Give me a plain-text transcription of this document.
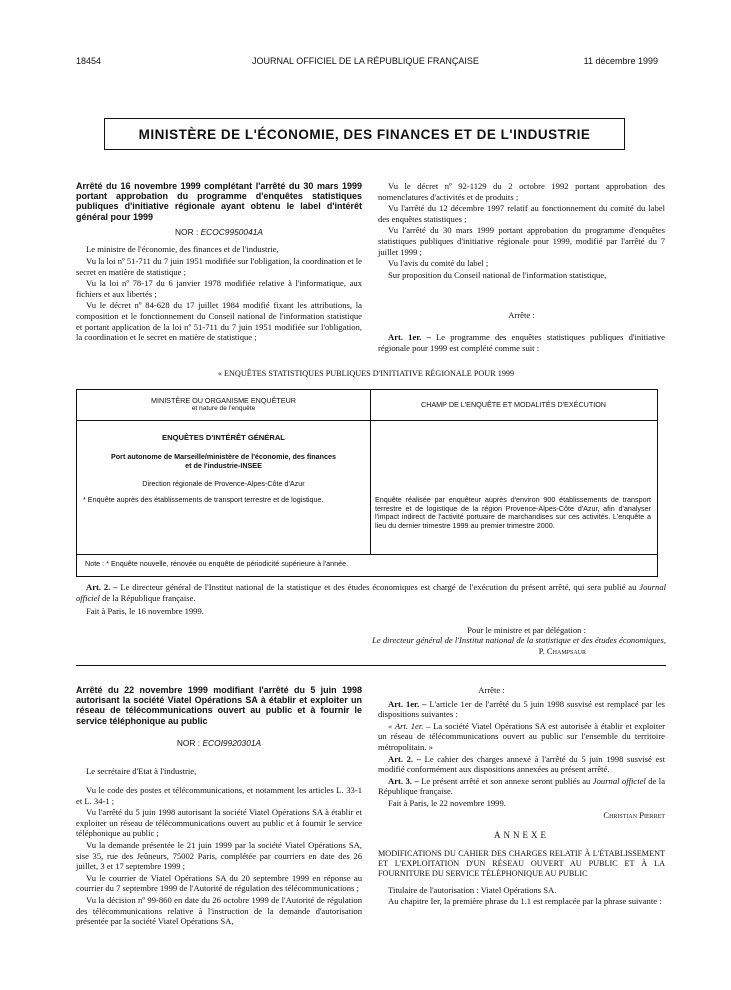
18454	JOURNAL OFFICIEL DE LA RÉPUBLIQUE FRANÇAISE	11 décembre 1999
MINISTÈRE DE L'ÉCONOMIE, DES FINANCES ET DE L'INDUSTRIE
Arrêté du 16 novembre 1999 complétant l'arrêté du 30 mars 1999 portant approbation du programme d'enquêtes statistiques publiques d'initiative régionale ayant obtenu le label d'intérêt général pour 1999
NOR : ECOC9950041A

Le ministre de l'économie, des finances et de l'industrie,

Vu la loi nº 51-711 du 7 juin 1951 modifiée sur l'obligation, la coordination et le secret en matière de statistique ;

Vu la loi nº 78-17 du 6 janvier 1978 modifiée relative à l'informatique, aux fichiers et aux libertés ;

Vu le décret nº 84-628 du 17 juillet 1984 modifié fixant les attributions, la composition et le fonctionnement du Conseil national de l'information statistique et portant application de la loi nº 51-711 du 7 juin 1951 modifiée sur l'obligation, la coordination et le secret en matière de statistique ;

Vu le décret nº 92-1129 du 2 octobre 1992 portant approbation des nomenclatures d'activités et de produits ;

Vu l'arrêté du 12 décembre 1997 relatif au fonctionnement du comité du label des enquêtes statistiques ;

Vu l'arrêté du 30 mars 1999 portant approbation du programme d'enquêtes statistiques publiques d'initiative régionale pour 1999, modifié par l'arrêté du 7 juillet 1999 ;

Vu l'avis du comité du label ;

Sur proposition du Conseil national de l'information statistique,

Arrête :

Art. 1er. – Le programme des enquêtes statistiques publiques d'initiative régionale pour 1999 est complété comme suit :

« ENQUÊTES STATISTIQUES PUBLIQUES D'INITIATIVE RÉGIONALE POUR 1999
MINISTÈRE OU ORGANISME ENQUÊTEUR
et nature de l'enquête	CHAMP DE L'ENQUÊTE ET MODALITÉS D'EXÉCUTION
ENQUÊTES D'INTÉRÊT GÉNÉRAL
Port autonome de Marseille/ministère de l'économie, des finances et de l'industrie-INSEE
Direction régionale de Provence-Alpes-Côte d'Azur
* Enquête auprès des établissements de transport terrestre et de logistique.	Enquête réalisée par enquêteur auprès d'environ 900 établissements de transport terrestre et de logistique de la région Provence-Alpes-Côte d'Azur, afin d'analyser l'impact indirect de l'activité portuaire de marchandises sur ces activités. L'enquête a lieu du dernier trimestre 1999 au premier trimestre 2000.
Note : * Enquête nouvelle, rénovée ou enquête de périodicité supérieure à l'année.

Art. 2. – Le directeur général de l'Institut national de la statistique et des études économiques est chargé de l'exécution du présent arrêté, qui sera publié au Journal officiel de la République française.

Fait à Paris, le 16 novembre 1999.

Pour le ministre et par délégation :
Le directeur général de l'Institut national de la statistique et des études économiques,
P. Champsaur
Arrêté du 22 novembre 1999 modifiant l'arrêté du 5 juin 1998 autorisant la société Viatel Opérations SA à établir et exploiter un réseau de télécommunications ouvert au public et à fournir le service téléphonique au public
NOR : ECOI9920301A

Le secrétaire d'Etat à l'industrie,

Vu le code des postes et télécommunications, et notamment les articles L. 33-1 et L. 34-1 ;

Vu l'arrêté du 5 juin 1998 autorisant la société Viatel Opérations SA à établir et exploiter un réseau de télécommunications ouvert au public et à fournir le service téléphonique au public ;

Vu la demande présentée le 21 juin 1999 par la société Viatel Opérations SA, sise 35, rue des Jeûneurs, 75002 Paris, complétée par courriers en date des 26 juillet, 3 et 17 septembre 1999 ;

Vu le courrier de Viatel Opérations SA du 20 septembre 1999 en réponse au courrier du 7 septembre 1999 de l'Autorité de régulation des télécommunications ;

Vu la décision nº 99-860 en date du 26 octobre 1999 de l'Autorité de régulation des télécommunications relative à l'instruction de la demande d'autorisation présentée par la société Viatel Opérations SA,

Arrête :

Art. 1er. – L'article 1er de l'arrêté du 5 juin 1998 susvisé est remplacé par les dispositions suivantes :

« Art. 1er. – La société Viatel Opérations SA est autorisée à établir et exploiter un réseau de télécommunications ouvert au public sur l'ensemble du territoire métropolitain. »

Art. 2. – Le cahier des charges annexé à l'arrêté du 5 juin 1998 susvisé est modifié conformément aux dispositions annexées au présent arrêté.

Art. 3. – Le présent arrêté et son annexe seront publiés au Journal officiel de la République française.

Fait à Paris, le 22 novembre 1999.

Christian Pierret
ANNEXE
MODIFICATIONS DU CAHIER DES CHARGES RELATIF À L'ÉTABLISSEMENT ET L'EXPLOITATION D'UN RÉSEAU OUVERT AU PUBLIC ET À LA FOURNITURE DU SERVICE TÉLÉPHONIQUE AU PUBLIC

Titulaire de l'autorisation : Viatel Opérations SA.

Au chapitre Ier, la première phrase du 1.1 est remplacée par la phrase suivante :
